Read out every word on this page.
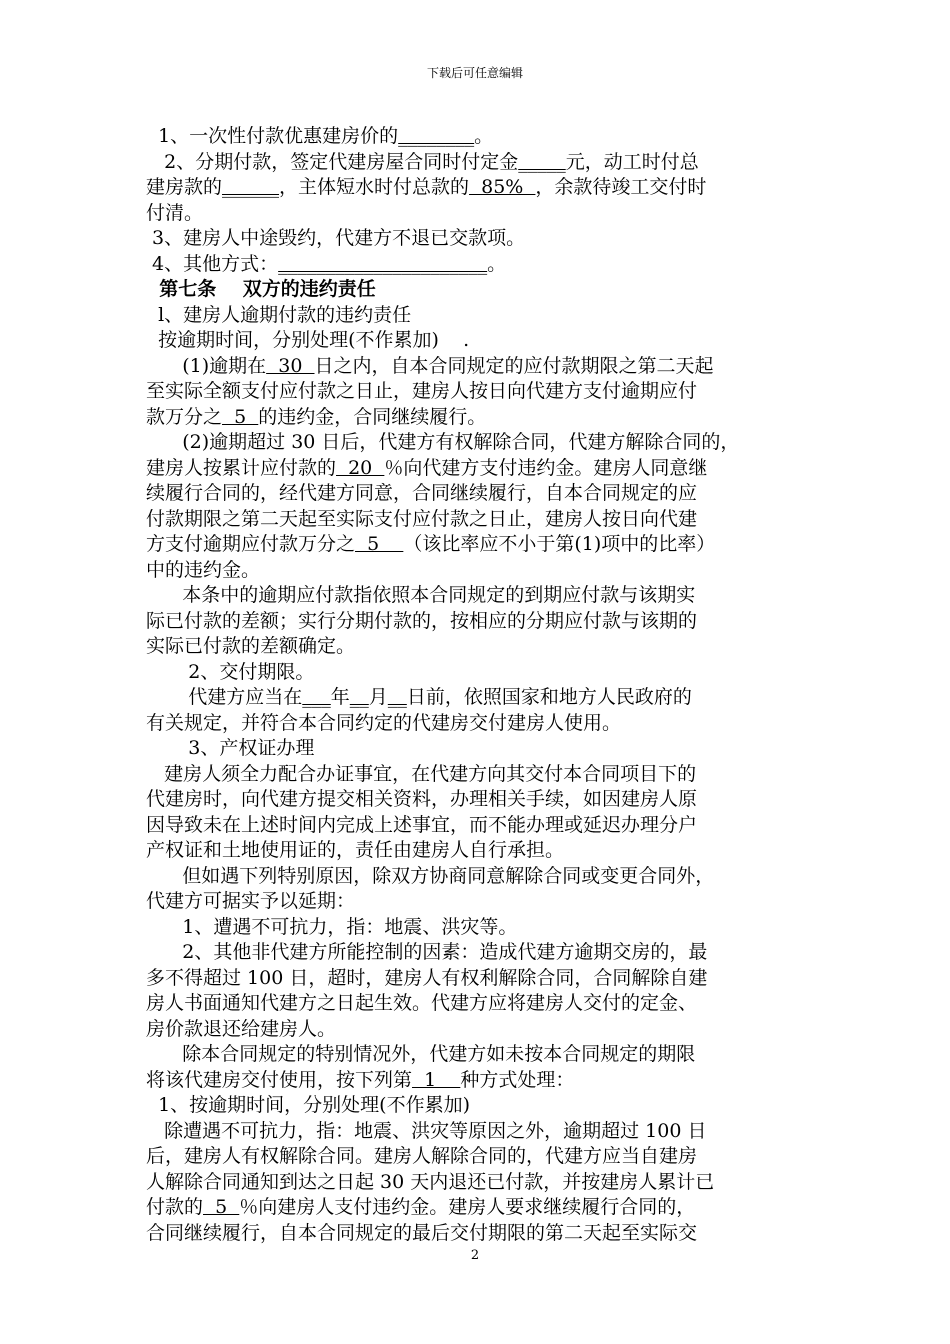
下载后可任意编辑
1、一次性付款优惠建房价的________。
2、分期付款，签定代建房屋合同时付定金_____元，动工时付总
建房款的______，主体短水时付总款的  85%  ，余款待竣工交付时
付清。
3、建房人中途毁约，代建方不退已交款项。
4、其他方式：______________________。
第七条    双方的违约责任
l、建房人逾期付款的违约责任
按逾期时间，分别处理(不作累加)    .
(1)逾期在  30  日之内，自本合同规定的应付款期限之第二天起
至实际全额支付应付款之日止，建房人按日向代建方支付逾期应付
款万分之  5  的违约金，合同继续履行。
(2)逾期超过 30 日后，代建方有权解除合同，代建方解除合同的，
建房人按累计应付款的  20  ％向代建方支付违约金。建房人同意继
续履行合同的，经代建方同意，合同继续履行，自本合同规定的应
付款期限之第二天起至实际支付应付款之日止，建房人按日向代建
方支付逾期应付款万分之  5    （该比率应不小于第(1)项中的比率）
中的违约金。
本条中的逾期应付款指依照本合同规定的到期应付款与该期实
际已付款的差额；实行分期付款的，按相应的分期应付款与该期的
实际已付款的差额确定。
2、交付期限。
代建方应当在___年__月__日前，依照国家和地方人民政府的
有关规定，并符合本合同约定的代建房交付建房人使用。
3、产权证办理
建房人须全力配合办证事宜，在代建方向其交付本合同项目下的
代建房时，向代建方提交相关资料，办理相关手续，如因建房人原
因导致未在上述时间内完成上述事宜，而不能办理或延迟办理分户
产权证和土地使用证的，责任由建房人自行承担。
但如遇下列特别原因，除双方协商同意解除合同或变更合同外，
代建方可据实予以延期：
1、遭遇不可抗力，指：地震、洪灾等。
2、其他非代建方所能控制的因素：造成代建方逾期交房的，最
多不得超过 100 日，超时，建房人有权利解除合同，合同解除自建
房人书面通知代建方之日起生效。代建方应将建房人交付的定金、
房价款退还给建房人。
除本合同规定的特别情况外，代建方如未按本合同规定的期限
将该代建房交付使用，按下列第  1    种方式处理：
1、按逾期时间，分别处理(不作累加)
除遭遇不可抗力，指：地震、洪灾等原因之外，逾期超过 100 日
后，建房人有权解除合同。建房人解除合同的，代建方应当自建房
人解除合同通知到达之日起 30 天内退还已付款，并按建房人累计已
付款的  5  ％向建房人支付违约金。建房人要求继续履行合同的，
合同继续履行，自本合同规定的最后交付期限的第二天起至实际交
2
